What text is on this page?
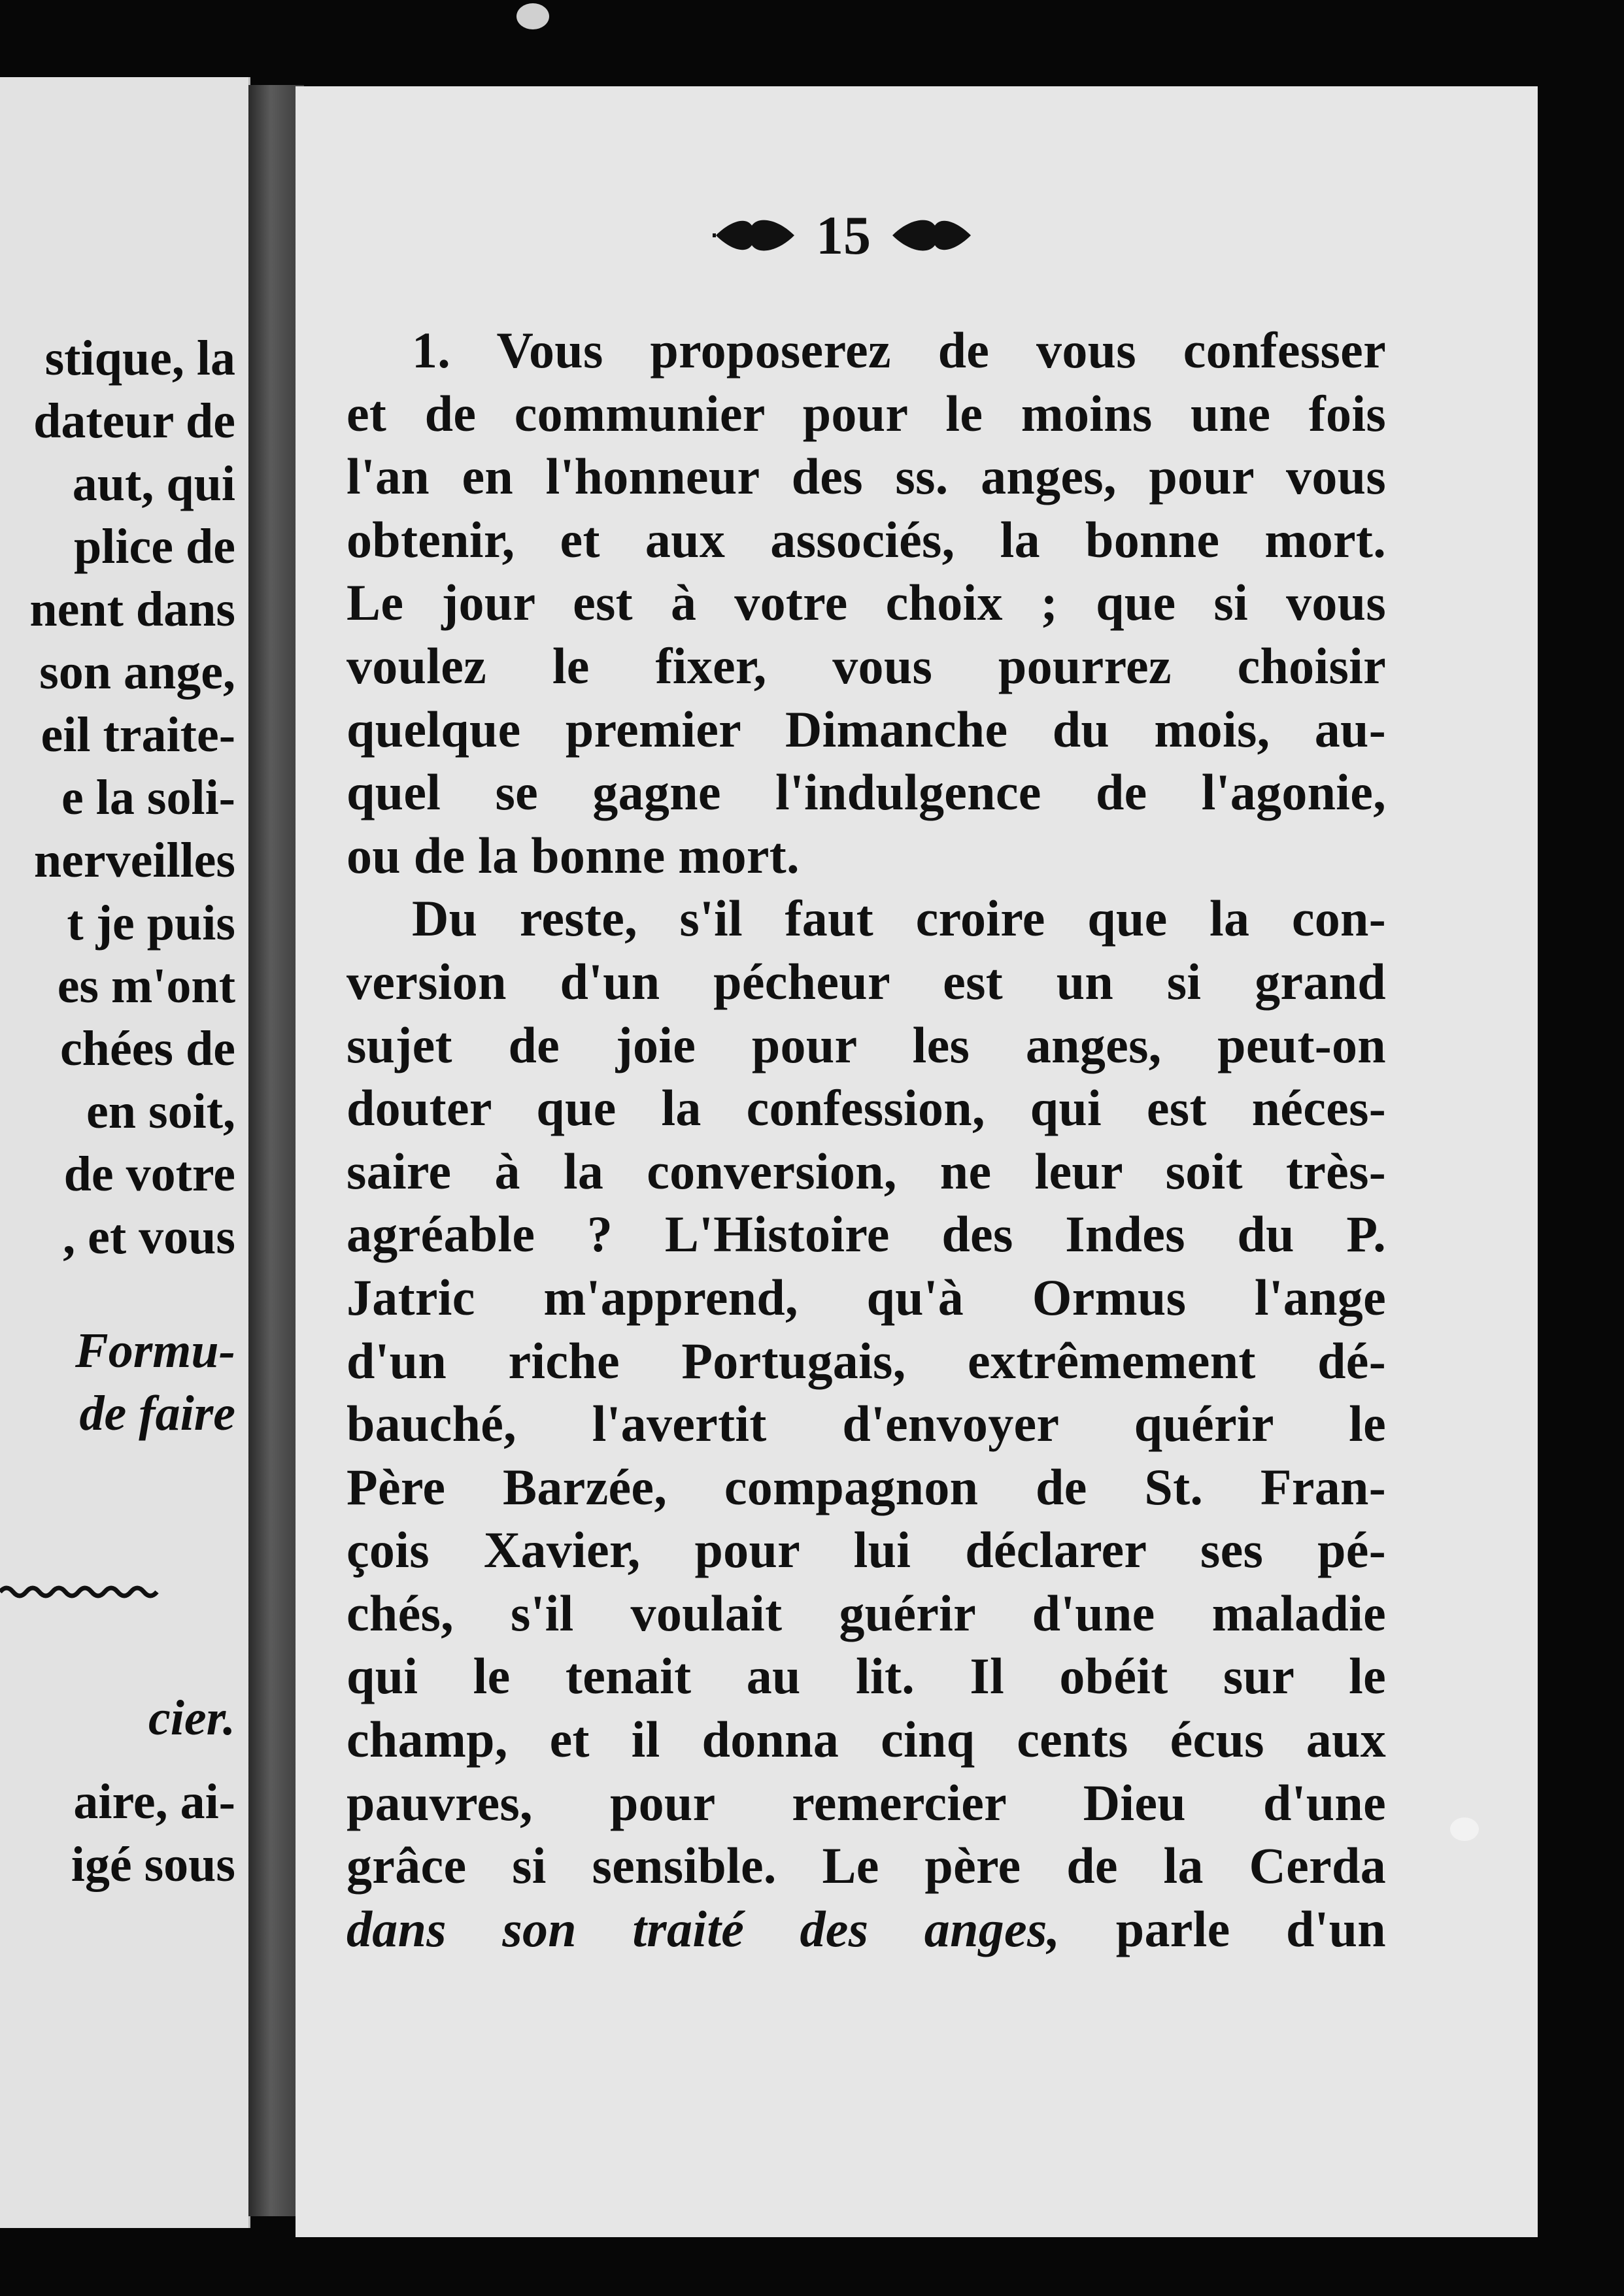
stique, la
dateur de
aut, qui
plice de
nent dans
son ange,
eil traite-
e la soli-
nerveilles
t je puis
es m'ont
chées de
en soit,
de votre
, et vous
Formu-
de faire
cier.
aire, ai-
igé sous
15
1. Vous proposerez de vous confesser
et de communier pour le moins une fois
l'an en l'honneur des ss. anges, pour vous
obtenir, et aux associés, la bonne mort.
Le jour est à votre choix ; que si vous
voulez le fixer, vous pourrez choisir
quelque premier Dimanche du mois, au-
quel se gagne l'indulgence de l'agonie,
ou de la bonne mort.
Du reste, s'il faut croire que la con-
version d'un pécheur est un si grand
sujet de joie pour les anges, peut-on
douter que la confession, qui est néces-
saire à la conversion, ne leur soit très-
agréable ? L'Histoire des Indes du P.
Jatric m'apprend, qu'à Ormus l'ange
d'un riche Portugais, extrêmement dé-
bauché, l'avertit d'envoyer quérir le
Père Barzée, compagnon de St. Fran-
çois Xavier, pour lui déclarer ses pé-
chés, s'il voulait guérir d'une maladie
qui le tenait au lit. Il obéit sur le
champ, et il donna cinq cents écus aux
pauvres, pour remercier Dieu d'une
grâce si sensible. Le père de la Cerda
dans son traité des anges, parle d'un
